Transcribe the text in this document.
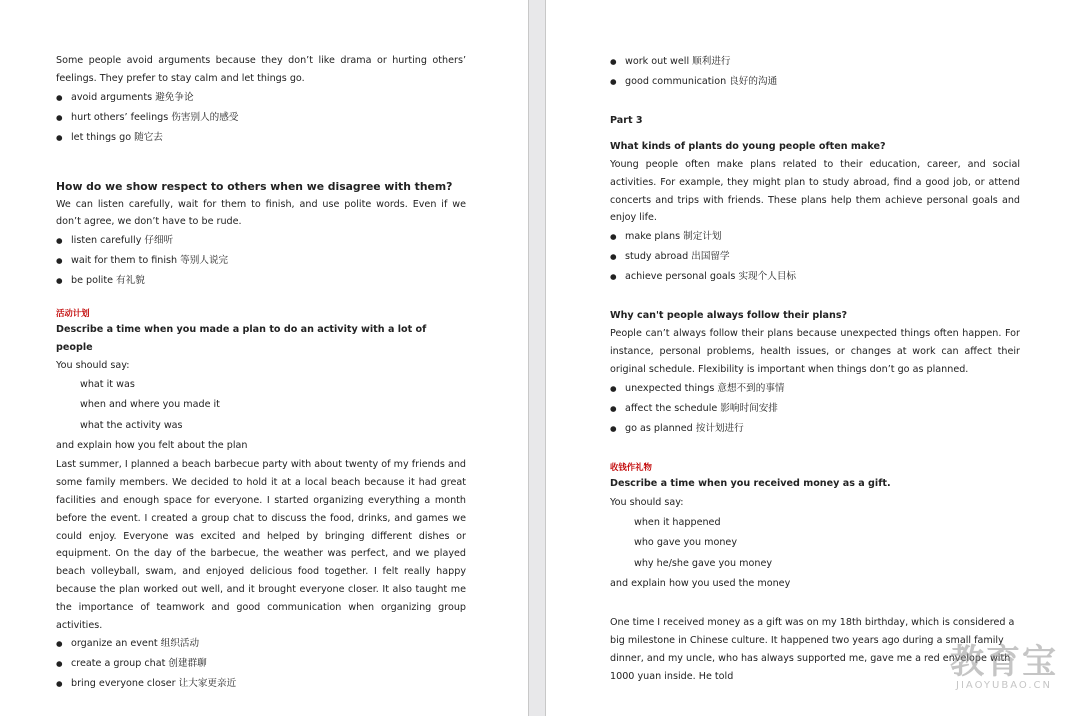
Some people avoid arguments because they don’t like drama or hurting others’ feelings. They prefer to stay calm and let things go.

● avoid arguments 避免争论

● hurt others’ feelings 伤害别人的感受

● let things go 随它去

How do we show respect to others when we disagree with them?

We can listen carefully, wait for them to finish, and use polite words. Even if we don’t agree, we don’t have to be rude.

● listen carefully 仔细听

● wait for them to finish 等别人说完

● be polite 有礼貌

活动计划

Describe a time when you made a plan to do an activity with a lot of people

You should say:

what it was

when and where you made it

what the activity was

and explain how you felt about the plan

Last summer, I planned a beach barbecue party with about twenty of my friends and some family members. We decided to hold it at a local beach because it had great facilities and enough space for everyone. I started organizing everything a month before the event. I created a group chat to discuss the food, drinks, and games we could enjoy. Everyone was excited and helped by bringing different dishes or equipment. On the day of the barbecue, the weather was perfect, and we played beach volleyball, swam, and enjoyed delicious food together. I felt really happy because the plan worked out well, and it brought everyone closer. It also taught me the importance of teamwork and good communication when organizing group activities.

● organize an event 组织活动

● create a group chat 创建群聊

● bring everyone closer 让大家更亲近

● work out well 顺利进行

● good communication 良好的沟通

Part 3

What kinds of plants do young people often make?

Young people often make plans related to their education, career, and social activities. For example, they might plan to study abroad, find a good job, or attend concerts and trips with friends. These plans help them achieve personal goals and enjoy life.

● make plans 制定计划

● study abroad 出国留学

● achieve personal goals 实现个人目标

Why can't people always follow their plans?

People can’t always follow their plans because unexpected things often happen. For instance, personal problems, health issues, or changes at work can affect their original schedule. Flexibility is important when things don’t go as planned.

● unexpected things 意想不到的事情

● affect the schedule 影响时间安排

● go as planned 按计划进行

收钱作礼物

Describe a time when you received money as a gift.

You should say:

when it happened

who gave you money

why he/she gave you money

and explain how you used the money

One time I received money as a gift was on my 18th birthday, which is considered a big milestone in Chinese culture. It happened two years ago during a small family dinner, and my uncle, who has always supported me, gave me a red envelope with 1000 yuan inside. He told	教育宝
JIAOYUBAO.CN
